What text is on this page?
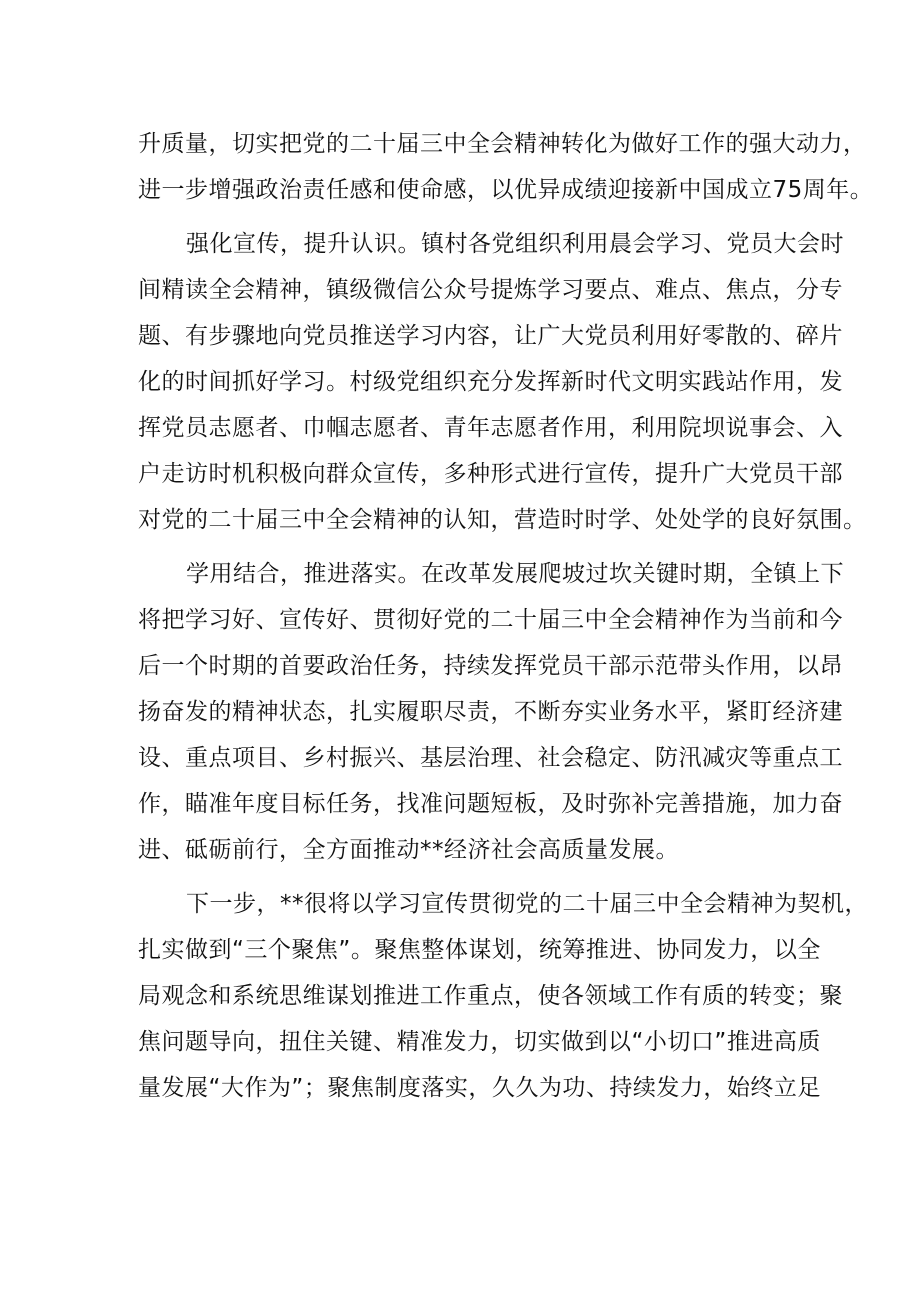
升质量，切实把党的二十届三中全会精神转化为做好工作的强大动力，
进一步增强政治责任感和使命感，以优异成绩迎接新中国成立75周年。
强化宣传，提升认识。镇村各党组织利用晨会学习、党员大会时
间精读全会精神，镇级微信公众号提炼学习要点、难点、焦点，分专
题、有步骤地向党员推送学习内容，让广大党员利用好零散的、碎片
化的时间抓好学习。村级党组织充分发挥新时代文明实践站作用，发
挥党员志愿者、巾帼志愿者、青年志愿者作用，利用院坝说事会、入
户走访时机积极向群众宣传，多种形式进行宣传，提升广大党员干部
对党的二十届三中全会精神的认知，营造时时学、处处学的良好氛围。
学用结合，推进落实。在改革发展爬坡过坎关键时期，全镇上下
将把学习好、宣传好、贯彻好党的二十届三中全会精神作为当前和今
后一个时期的首要政治任务，持续发挥党员干部示范带头作用，以昂
扬奋发的精神状态，扎实履职尽责，不断夯实业务水平，紧盯经济建
设、重点项目、乡村振兴、基层治理、社会稳定、防汛减灾等重点工
作，瞄准年度目标任务，找准问题短板，及时弥补完善措施，加力奋
进、砥砺前行，全方面推动**经济社会高质量发展。
下一步，**很将以学习宣传贯彻党的二十届三中全会精神为契机，
扎实做到“三个聚焦”。聚焦整体谋划，统筹推进、协同发力，以全
局观念和系统思维谋划推进工作重点，使各领域工作有质的转变；聚
焦问题导向，扭住关键、精准发力，切实做到以“小切口”推进高质
量发展“大作为”；聚焦制度落实，久久为功、持续发力，始终立足
